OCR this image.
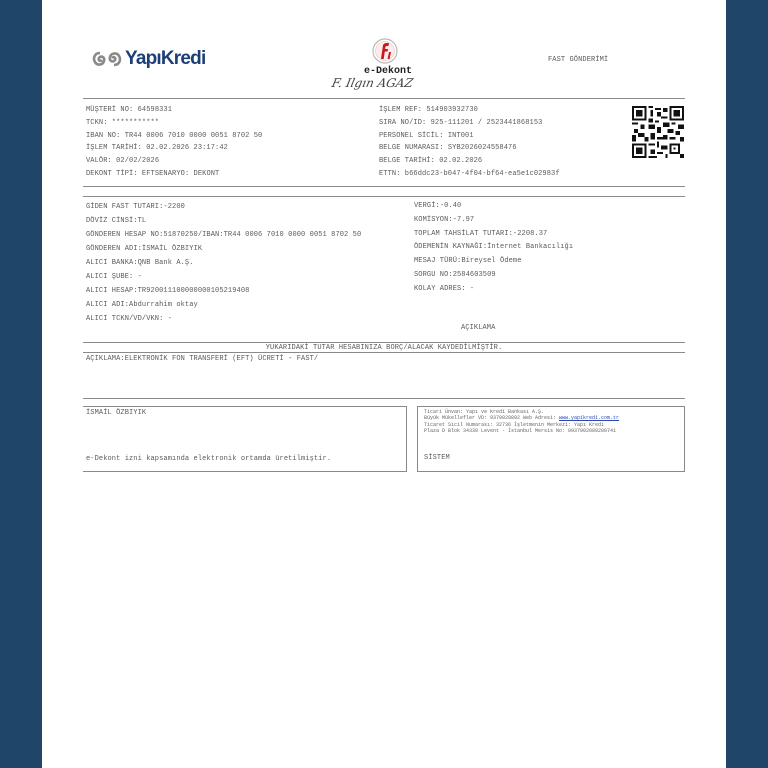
YapıKredi
e-Dekont
F. Ilgın AGAZ
FAST GÖNDERİMİ
MÜŞTERİ NO: 64598331
TCKN: ***********
IBAN NO: TR44 0006 7010 0000 0051 8702 50
İŞLEM TARİHİ: 02.02.2026 23:17:42
VALÖR: 02/02/2026
DEKONT TİPİ: EFTSENARYO: DEKONT
İŞLEM REF: 514903932730
SIRA NO/ID: 925-111201 / 2523441868153
PERSONEL SİCİL: INT001
BELGE NUMARASI: SYB2026024558476
BELGE TARİHİ: 02.02.2026
ETTN: b66ddc23-b047-4f04-bf64-ea5e1c02983f
GİDEN FAST TUTARI:-2200
DÖVİZ CİNSİ:TL
GÖNDEREN HESAP NO:51870250/IBAN:TR44 0006 7010 0000 0051 8702 50
GÖNDEREN ADI:İSMAİL ÖZBIYIK
ALICI BANKA:QNB Bank A.Ş.
ALICI ŞUBE: -
ALICI HESAP:TR920011100000000105219408
ALICI ADI:Abdurrahim oktay
ALICI TCKN/VD/VKN: -
VERGİ:-0.40
KOMİSYON:-7.97
TOPLAM TAHSİLAT TUTARI:-2208.37
ÖDEMENİN KAYNAĞI:İnternet Bankacılığı
MESAJ TÜRÜ:Bireysel Ödeme
SORGU NO:2584603509
KOLAY ADRES: -
AÇIKLAMA
YUKARIDAKİ TUTAR HESABINIZA BORÇ/ALACAK KAYDEDİLMİŞTİR.
AÇIKLAMA:ELEKTRONİK FON TRANSFERİ (EFT) ÜCRETİ - FAST/
İSMAİL ÖZBIYIK
e-Dekont izni kapsamında elektronik ortamda üretilmiştir.
Ticari Ünvan: Yapı ve Kredi Bankası A.Ş.
Büyük Mükellefler VD: 9370020892 Web Adresi: www.yapikredi.com.tr
Ticaret Sicil Numarası: 32736 İşletmenin Merkezi: Yapı Kredi
Plaza D Blok 34330 Levent - İstanbul Mersis No: 0937002089200741
SİSTEM
